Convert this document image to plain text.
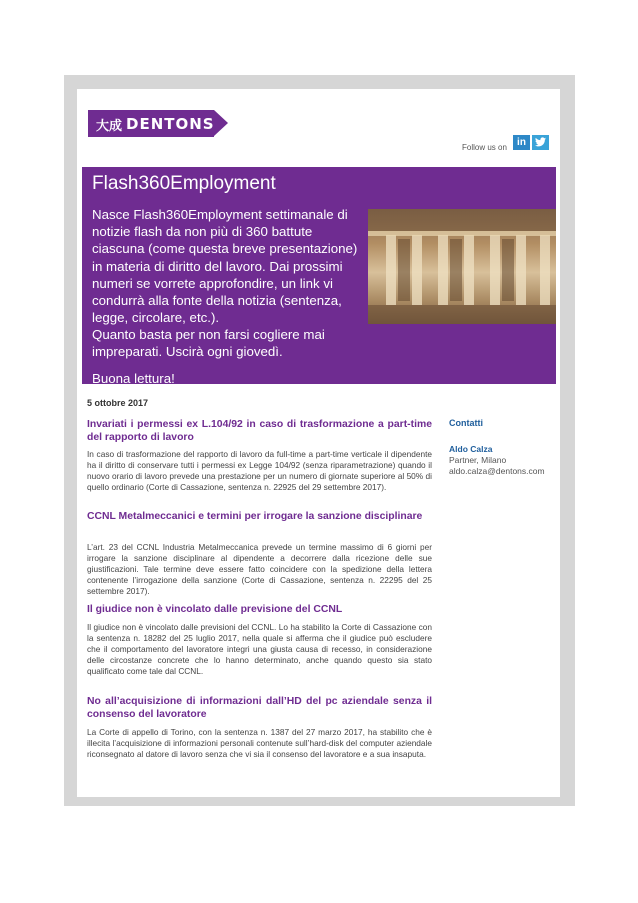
大成 DENTONS
Follow us on	in
Flash360Employment

Nasce Flash360Employment settimanale di notizie flash da non più di 360 battute ciascuna (come questa breve presentazione) in materia di diritto del lavoro. Dai prossimi numeri se vorrete approfondire, un link vi condurrà alla fonte della notizia (sentenza, legge, circolare, etc.).

Quanto basta per non farsi cogliere mai

impreparati. Uscirà ogni giovedì.

Buona lettura!

5 ottobre 2017

Invariati i permessi ex L.104/92 in caso di trasformazione a part-time del rapporto di lavoro

In caso di trasformazione del rapporto di lavoro da full-time a part-time verticale il dipendente ha il diritto di conservare tutti i permessi ex Legge 104/92 (senza riparametrazione) quando il nuovo orario di lavoro prevede una prestazione per un numero di giornate superiore al 50% di quello ordinario (Corte di Cassazione, sentenza n. 22925 del 29 settembre 2017).

CCNL Metalmeccanici e termini per irrogare la sanzione disciplinare

L’art. 23 del CCNL Industria Metalmeccanica prevede un termine massimo di 6 giorni per irrogare la sanzione disciplinare al dipendente a decorrere dalla ricezione delle sue giustificazioni. Tale termine deve essere fatto coincidere con la spedizione della lettera contenente l’irrogazione della sanzione (Corte di Cassazione, sentenza n. 22295 del 25 settembre 2017).

Il giudice non è vincolato dalle previsione del CCNL

Il giudice non è vincolato dalle previsioni del CCNL. Lo ha stabilito la Corte di Cassazione con la sentenza n. 18282 del 25 luglio 2017, nella quale si afferma che il giudice può escludere che il comportamento del lavoratore integri una giusta causa di recesso, in considerazione delle circostanze concrete che lo hanno determinato, anche quando questo sia stato qualificato come tale dal CCNL.

No all’acquisizione di informazioni dall’HD del pc aziendale senza il consenso del lavoratore

La Corte di appello di Torino, con la sentenza n. 1387 del 27 marzo 2017, ha stabilito che è illecita l’acquisizione di informazioni personali contenute sull’hard-disk del computer aziendale riconsegnato al datore di lavoro senza che vi sia il consenso del lavoratore e a sua insaputa.

Contatti
Aldo Calza
Partner, Milano
aldo.calza@dentons.com
